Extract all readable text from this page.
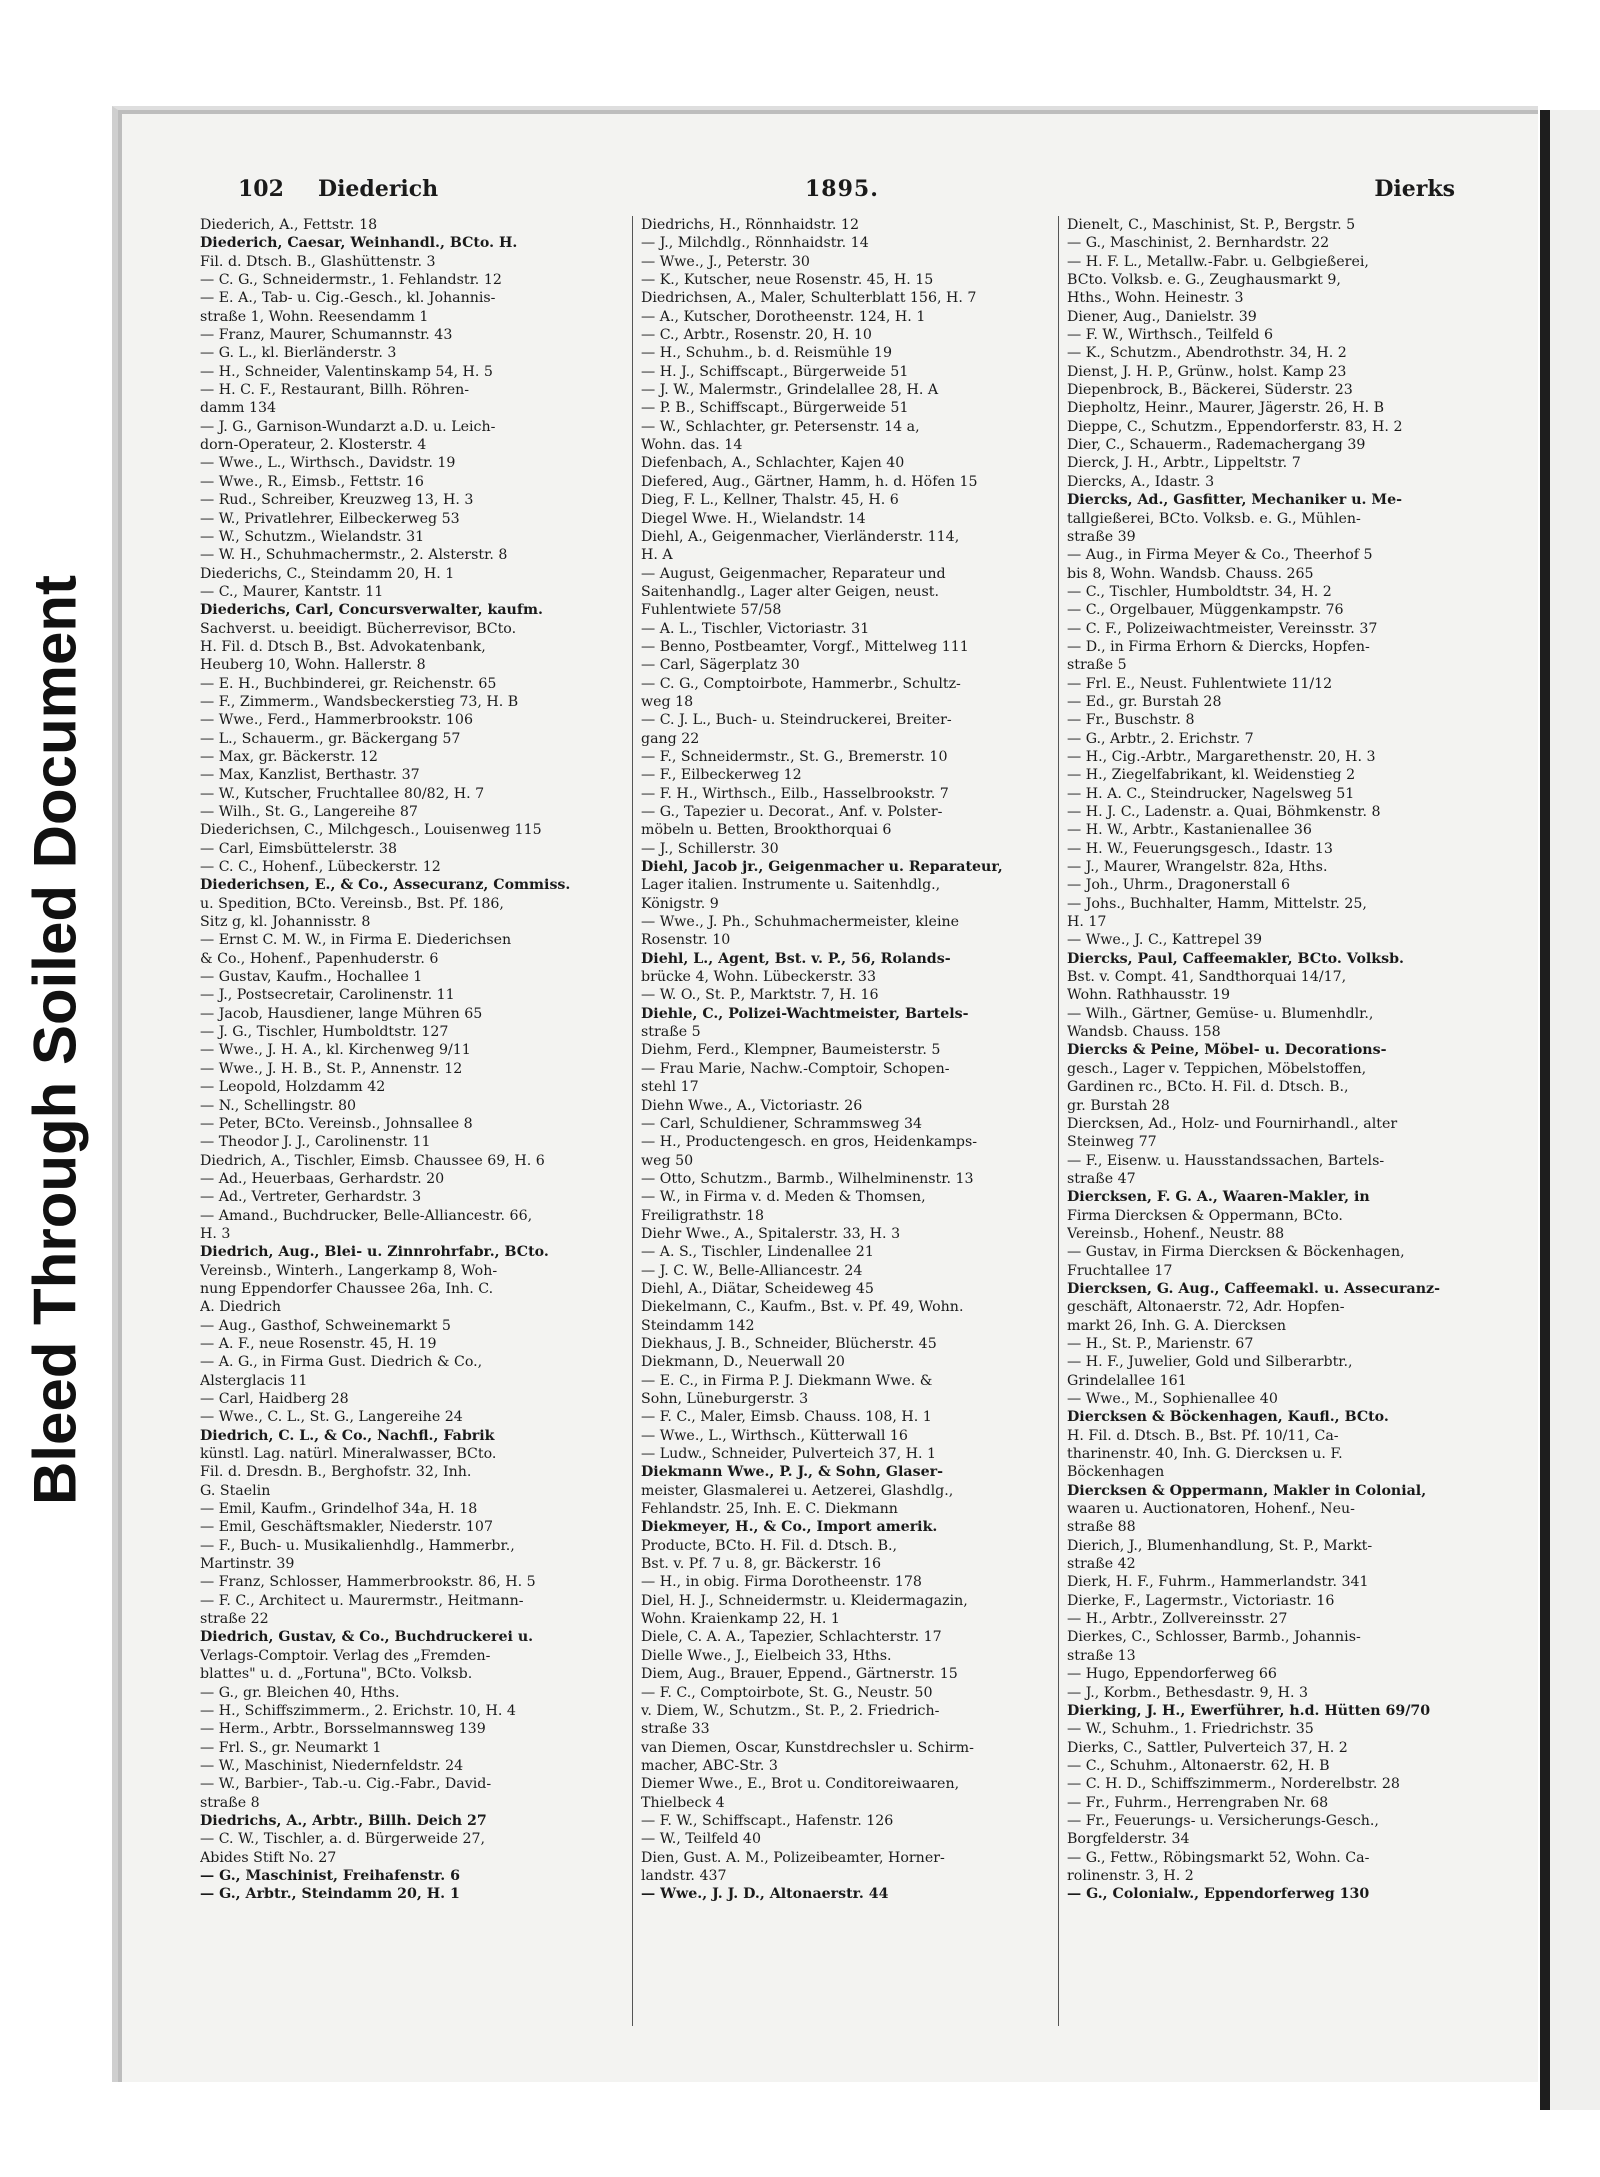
Bleed Through Soiled Document
102 Diederich	1895.	Dierks
Diederich, A., Fettstr. 18
Diederich, Caesar, Weinhandl., BCto. H.
Fil. d. Dtsch. B., Glashüttenstr. 3
— C. G., Schneidermstr., 1. Fehlandstr. 12
— E. A., Tab- u. Cig.-Gesch., kl. Johannis-
straße 1, Wohn. Reesendamm 1
— Franz, Maurer, Schumannstr. 43
— G. L., kl. Bierländerstr. 3
— H., Schneider, Valentinskamp 54, H. 5
— H. C. F., Restaurant, Billh. Röhren-
damm 134
— J. G., Garnison-Wundarzt a.D. u. Leich-
dorn-Operateur, 2. Klosterstr. 4
— Wwe., L., Wirthsch., Davidstr. 19
— Wwe., R., Eimsb., Fettstr. 16
— Rud., Schreiber, Kreuzweg 13, H. 3
— W., Privatlehrer, Eilbeckerweg 53
— W., Schutzm., Wielandstr. 31
— W. H., Schuhmachermstr., 2. Alsterstr. 8
Diederichs, C., Steindamm 20, H. 1
— C., Maurer, Kantstr. 11
Diederichs, Carl, Concursverwalter, kaufm.
Sachverst. u. beeidigt. Bücherrevisor, BCto.
H. Fil. d. Dtsch B., Bst. Advokatenbank,
Heuberg 10, Wohn. Hallerstr. 8
— E. H., Buchbinderei, gr. Reichenstr. 65
— F., Zimmerm., Wandsbeckerstieg 73, H. B
— Wwe., Ferd., Hammerbrookstr. 106
— L., Schauerm., gr. Bäckergang 57
— Max, gr. Bäckerstr. 12
— Max, Kanzlist, Berthastr. 37
— W., Kutscher, Fruchtallee 80/82, H. 7
— Wilh., St. G., Langereihe 87
Diederichsen, C., Milchgesch., Louisenweg 115
— Carl, Eimsbüttelerstr. 38
— C. C., Hohenf., Lübeckerstr. 12
Diederichsen, E., & Co., Assecuranz, Commiss.
u. Spedition, BCto. Vereinsb., Bst. Pf. 186,
Sitz g, kl. Johannisstr. 8
— Ernst C. M. W., in Firma E. Diederichsen
& Co., Hohenf., Papenhuderstr. 6
— Gustav, Kaufm., Hochallee 1
— J., Postsecretair, Carolinenstr. 11
— Jacob, Hausdiener, lange Mühren 65
— J. G., Tischler, Humboldtstr. 127
— Wwe., J. H. A., kl. Kirchenweg 9/11
— Wwe., J. H. B., St. P., Annenstr. 12
— Leopold, Holzdamm 42
— N., Schellingstr. 80
— Peter, BCto. Vereinsb., Johnsallee 8
— Theodor J. J., Carolinenstr. 11
Diedrich, A., Tischler, Eimsb. Chaussee 69, H. 6
— Ad., Heuerbaas, Gerhardstr. 20
— Ad., Vertreter, Gerhardstr. 3
— Amand., Buchdrucker, Belle-Alliancestr. 66,
H. 3
Diedrich, Aug., Blei- u. Zinnrohrfabr., BCto.
Vereinsb., Winterh., Langerkamp 8, Woh-
nung Eppendorfer Chaussee 26a, Inh. C.
A. Diedrich
— Aug., Gasthof, Schweinemarkt 5
— A. F., neue Rosenstr. 45, H. 19
— A. G., in Firma Gust. Diedrich & Co.,
Alsterglacis 11
— Carl, Haidberg 28
— Wwe., C. L., St. G., Langereihe 24
Diedrich, C. L., & Co., Nachfl., Fabrik
künstl. Lag. natürl. Mineralwasser, BCto.
Fil. d. Dresdn. B., Berghofstr. 32, Inh.
G. Staelin
— Emil, Kaufm., Grindelhof 34a, H. 18
— Emil, Geschäftsmakler, Niederstr. 107
— F., Buch- u. Musikalienhdlg., Hammerbr.,
Martinstr. 39
— Franz, Schlosser, Hammerbrookstr. 86, H. 5
— F. C., Architect u. Maurermstr., Heitmann-
straße 22
Diedrich, Gustav, & Co., Buchdruckerei u.
Verlags-Comptoir. Verlag des „Fremden-
blattes" u. d. „Fortuna", BCto. Volksb.
— G., gr. Bleichen 40, Hths.
— H., Schiffszimmerm., 2. Erichstr. 10, H. 4
— Herm., Arbtr., Borsselmannsweg 139
— Frl. S., gr. Neumarkt 1
— W., Maschinist, Niedernfeldstr. 24
— W., Barbier-, Tab.-u. Cig.-Fabr., David-
straße 8
Diedrichs, A., Arbtr., Billh. Deich 27
— C. W., Tischler, a. d. Bürgerweide 27,
Abides Stift No. 27
— G., Maschinist, Freihafenstr. 6
— G., Arbtr., Steindamm 20, H. 1
Diedrichs, H., Rönnhaidstr. 12
— J., Milchdlg., Rönnhaidstr. 14
— Wwe., J., Peterstr. 30
— K., Kutscher, neue Rosenstr. 45, H. 15
Diedrichsen, A., Maler, Schulterblatt 156, H. 7
— A., Kutscher, Dorotheenstr. 124, H. 1
— C., Arbtr., Rosenstr. 20, H. 10
— H., Schuhm., b. d. Reismühle 19
— H. J., Schiffscapt., Bürgerweide 51
— J. W., Malermstr., Grindelallee 28, H. A
— P. B., Schiffscapt., Bürgerweide 51
— W., Schlachter, gr. Petersenstr. 14 a,
Wohn. das. 14
Diefenbach, A., Schlachter, Kajen 40
Diefered, Aug., Gärtner, Hamm, h. d. Höfen 15
Dieg, F. L., Kellner, Thalstr. 45, H. 6
Diegel Wwe. H., Wielandstr. 14
Diehl, A., Geigenmacher, Vierländerstr. 114,
H. A
— August, Geigenmacher, Reparateur und
Saitenhandlg., Lager alter Geigen, neust.
Fuhlentwiete 57/58
— A. L., Tischler, Victoriastr. 31
— Benno, Postbeamter, Vorgf., Mittelweg 111
— Carl, Sägerplatz 30
— C. G., Comptoirbote, Hammerbr., Schultz-
weg 18
— C. J. L., Buch- u. Steindruckerei, Breiter-
gang 22
— F., Schneidermstr., St. G., Bremerstr. 10
— F., Eilbeckerweg 12
— F. H., Wirthsch., Eilb., Hasselbrookstr. 7
— G., Tapezier u. Decorat., Anf. v. Polster-
möbeln u. Betten, Brookthorquai 6
— J., Schillerstr. 30
Diehl, Jacob jr., Geigenmacher u. Reparateur,
Lager italien. Instrumente u. Saitenhdlg.,
Königstr. 9
— Wwe., J. Ph., Schuhmachermeister, kleine
Rosenstr. 10
Diehl, L., Agent, Bst. v. P., 56, Rolands-
brücke 4, Wohn. Lübeckerstr. 33
— W. O., St. P., Marktstr. 7, H. 16
Diehle, C., Polizei-Wachtmeister, Bartels-
straße 5
Diehm, Ferd., Klempner, Baumeisterstr. 5
— Frau Marie, Nachw.-Comptoir, Schopen-
stehl 17
Diehn Wwe., A., Victoriastr. 26
— Carl, Schuldiener, Schrammsweg 34
— H., Productengesch. en gros, Heidenkamps-
weg 50
— Otto, Schutzm., Barmb., Wilhelminenstr. 13
— W., in Firma v. d. Meden & Thomsen,
Freiligrathstr. 18
Diehr Wwe., A., Spitalerstr. 33, H. 3
— A. S., Tischler, Lindenallee 21
— J. C. W., Belle-Alliancestr. 24
Diehl, A., Diätar, Scheideweg 45
Diekelmann, C., Kaufm., Bst. v. Pf. 49, Wohn.
Steindamm 142
Diekhaus, J. B., Schneider, Blücherstr. 45
Diekmann, D., Neuerwall 20
— E. C., in Firma P. J. Diekmann Wwe. &
Sohn, Lüneburgerstr. 3
— F. C., Maler, Eimsb. Chauss. 108, H. 1
— Wwe., L., Wirthsch., Kütterwall 16
— Ludw., Schneider, Pulverteich 37, H. 1
Diekmann Wwe., P. J., & Sohn, Glaser-
meister, Glasmalerei u. Aetzerei, Glashdlg.,
Fehlandstr. 25, Inh. E. C. Diekmann
Diekmeyer, H., & Co., Import amerik.
Producte, BCto. H. Fil. d. Dtsch. B.,
Bst. v. Pf. 7 u. 8, gr. Bäckerstr. 16
— H., in obig. Firma Dorotheenstr. 178
Diel, H. J., Schneidermstr. u. Kleidermagazin,
Wohn. Kraienkamp 22, H. 1
Diele, C. A. A., Tapezier, Schlachterstr. 17
Dielle Wwe., J., Eielbeich 33, Hths.
Diem, Aug., Brauer, Eppend., Gärtnerstr. 15
— F. C., Comptoirbote, St. G., Neustr. 50
v. Diem, W., Schutzm., St. P., 2. Friedrich-
straße 33
van Diemen, Oscar, Kunstdrechsler u. Schirm-
macher, ABC-Str. 3
Diemer Wwe., E., Brot u. Conditoreiwaaren,
Thielbeck 4
— F. W., Schiffscapt., Hafenstr. 126
— W., Teilfeld 40
Dien, Gust. A. M., Polizeibeamter, Horner-
landstr. 437
— Wwe., J. J. D., Altonaerstr. 44
Dienelt, C., Maschinist, St. P., Bergstr. 5
— G., Maschinist, 2. Bernhardstr. 22
— H. F. L., Metallw.-Fabr. u. Gelbgießerei,
BCto. Volksb. e. G., Zeughausmarkt 9,
Hths., Wohn. Heinestr. 3
Diener, Aug., Danielstr. 39
— F. W., Wirthsch., Teilfeld 6
— K., Schutzm., Abendrothstr. 34, H. 2
Dienst, J. H. P., Grünw., holst. Kamp 23
Diepenbrock, B., Bäckerei, Süderstr. 23
Diepholtz, Heinr., Maurer, Jägerstr. 26, H. B
Dieppe, C., Schutzm., Eppendorferstr. 83, H. 2
Dier, C., Schauerm., Rademachergang 39
Dierck, J. H., Arbtr., Lippeltstr. 7
Diercks, A., Idastr. 3
Diercks, Ad., Gasfitter, Mechaniker u. Me-
tallgießerei, BCto. Volksb. e. G., Mühlen-
straße 39
— Aug., in Firma Meyer & Co., Theerhof 5
bis 8, Wohn. Wandsb. Chauss. 265
— C., Tischler, Humboldtstr. 34, H. 2
— C., Orgelbauer, Müggenkampstr. 76
— C. F., Polizeiwachtmeister, Vereinsstr. 37
— D., in Firma Erhorn & Diercks, Hopfen-
straße 5
— Frl. E., Neust. Fuhlentwiete 11/12
— Ed., gr. Burstah 28
— Fr., Buschstr. 8
— G., Arbtr., 2. Erichstr. 7
— H., Cig.-Arbtr., Margarethenstr. 20, H. 3
— H., Ziegelfabrikant, kl. Weidenstieg 2
— H. A. C., Steindrucker, Nagelsweg 51
— H. J. C., Ladenstr. a. Quai, Böhmkenstr. 8
— H. W., Arbtr., Kastanienallee 36
— H. W., Feuerungsgesch., Idastr. 13
— J., Maurer, Wrangelstr. 82a, Hths.
— Joh., Uhrm., Dragonerstall 6
— Johs., Buchhalter, Hamm, Mittelstr. 25,
H. 17
— Wwe., J. C., Kattrepel 39
Diercks, Paul, Caffeemakler, BCto. Volksb.
Bst. v. Compt. 41, Sandthorquai 14/17,
Wohn. Rathhausstr. 19
— Wilh., Gärtner, Gemüse- u. Blumenhdlr.,
Wandsb. Chauss. 158
Diercks & Peine, Möbel- u. Decorations-
gesch., Lager v. Teppichen, Möbelstoffen,
Gardinen rc., BCto. H. Fil. d. Dtsch. B.,
gr. Burstah 28
Diercksen, Ad., Holz- und Fournirhandl., alter
Steinweg 77
— F., Eisenw. u. Hausstandssachen, Bartels-
straße 47
Diercksen, F. G. A., Waaren-Makler, in
Firma Diercksen & Oppermann, BCto.
Vereinsb., Hohenf., Neustr. 88
— Gustav, in Firma Diercksen & Böckenhagen,
Fruchtallee 17
Diercksen, G. Aug., Caffeemakl. u. Assecuranz-
geschäft, Altonaerstr. 72, Adr. Hopfen-
markt 26, Inh. G. A. Diercksen
— H., St. P., Marienstr. 67
— H. F., Juwelier, Gold und Silberarbtr.,
Grindelallee 161
— Wwe., M., Sophienallee 40
Diercksen & Böckenhagen, Kaufl., BCto.
H. Fil. d. Dtsch. B., Bst. Pf. 10/11, Ca-
tharinenstr. 40, Inh. G. Diercksen u. F.
Böckenhagen
Diercksen & Oppermann, Makler in Colonial,
waaren u. Auctionatoren, Hohenf., Neu-
straße 88
Dierich, J., Blumenhandlung, St. P., Markt-
straße 42
Dierk, H. F., Fuhrm., Hammerlandstr. 341
Dierke, F., Lagermstr., Victoriastr. 16
— H., Arbtr., Zollvereinsstr. 27
Dierkes, C., Schlosser, Barmb., Johannis-
straße 13
— Hugo, Eppendorferweg 66
— J., Korbm., Bethesdastr. 9, H. 3
Dierking, J. H., Ewerführer, h.d. Hütten 69/70
— W., Schuhm., 1. Friedrichstr. 35
Dierks, C., Sattler, Pulverteich 37, H. 2
— C., Schuhm., Altonaerstr. 62, H. B
— C. H. D., Schiffszimmerm., Norderelbstr. 28
— Fr., Fuhrm., Herrengraben Nr. 68
— Fr., Feuerungs- u. Versicherungs-Gesch.,
Borgfelderstr. 34
— G., Fettw., Röbingsmarkt 52, Wohn. Ca-
rolinenstr. 3, H. 2
— G., Colonialw., Eppendorferweg 130
